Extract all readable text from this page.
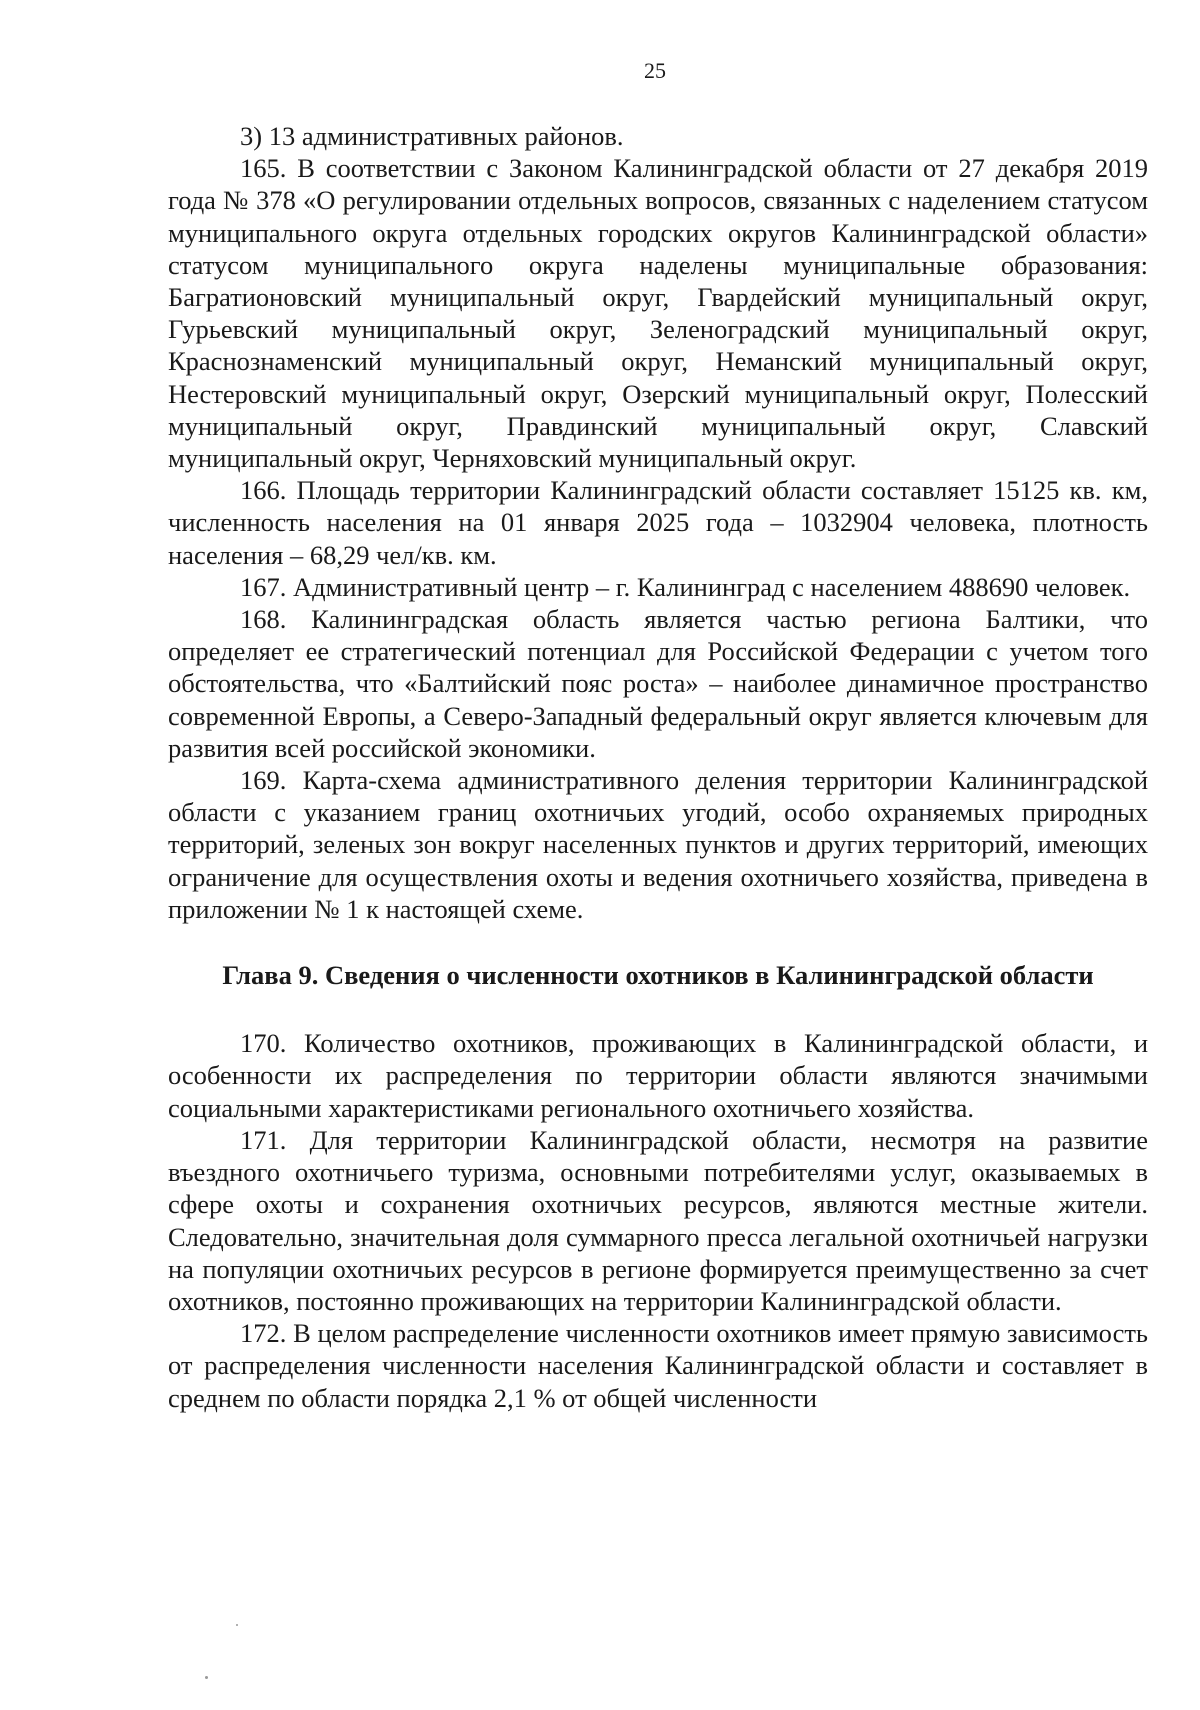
25

3) 13 административных районов.

165. В соответствии с Законом Калининградской области от 27 декабря 2019 года № 378 «О регулировании отдельных вопросов, связанных с наделением статусом муниципального округа отдельных городских округов Калининградской области» статусом муниципального округа наделены муниципальные образования: Багратионовский муниципальный округ, Гвардейский муниципальный округ, Гурьевский муниципальный округ, Зеленоградский муниципальный округ, Краснознаменский муниципальный округ, Неманский муниципальный округ, Нестеровский муниципальный округ, Озерский муниципальный округ, Полесский муниципальный округ, Правдинский муниципальный округ, Славский муниципальный округ, Черняховский муниципальный округ.

166. Площадь территории Калининградский области составляет 15125 кв. км, численность населения на 01 января 2025 года – 1032904 человека, плотность населения – 68,29 чел/кв. км.

167. Административный центр – г. Калининград с населением 488690 человек.

168. Калининградская область является частью региона Балтики, что определяет ее стратегический потенциал для Российской Федерации с учетом того обстоятельства, что «Балтийский пояс роста» – наиболее динамичное пространство современной Европы, а Северо-Западный федеральный округ является ключевым для развития всей российской экономики.

169. Карта-схема административного деления территории Калининградской области с указанием границ охотничьих угодий, особо охраняемых природных территорий, зеленых зон вокруг населенных пунктов и других территорий, имеющих ограничение для осуществления охоты и ведения охотничьего хозяйства, приведена в приложении № 1 к настоящей схеме.

Глава 9. Сведения о численности охотников в Калининградской области

170. Количество охотников, проживающих в Калининградской области, и особенности их распределения по территории области являются значимыми социальными характеристиками регионального охотничьего хозяйства.

171. Для территории Калининградской области, несмотря на развитие въездного охотничьего туризма, основными потребителями услуг, оказываемых в сфере охоты и сохранения охотничьих ресурсов, являются местные жители. Следовательно, значительная доля суммарного пресса легальной охотничьей нагрузки на популяции охотничьих ресурсов в регионе формируется преимущественно за счет охотников, постоянно проживающих на территории Калининградской области.

172. В целом распределение численности охотников имеет прямую зависимость от распределения численности населения Калининградской области и составляет в среднем по области порядка 2,1 % от общей численности
